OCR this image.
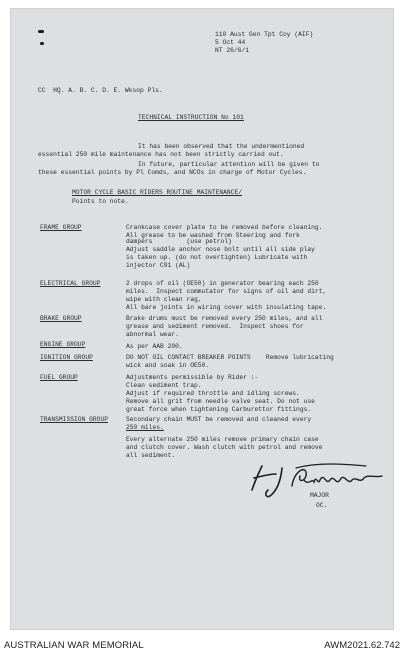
110 Aust Gen Tpt Coy (AIF)
5 Oct 44
NT 26/6/1
CC  HQ. A. B. C. D. E. Wksop Pls.
TECHNICAL INSTRUCTION No 101
It has been observed that the undermentioned
essential 250 mile maintenance has not been strictly carried out.
In future, particular attention will be given to
these essential points by Pl Comds, and NCOs in charge of Motor Cycles.
MOTOR CYCLE BASIC RIDERS ROUTINE MAINTENANCE/
Points to note.
FRAME GROUP	Crankcase cover plate to be removed before cleaning.
All grease to be washed from Steering and fork
dampers         (use petrol)
Adjust saddle anchor nose bolt until all side play
is taken up. (do not overtighten) Lubricate with
injector C91 (AL)
ELECTRICAL GROUP	2 drops of oil (OE50) in generator bearing each 250
miles.  Inspect commutator for signs of oil and dirt,
wipe with clean rag,
All bare joints in wiring cover with insulating tape.
BRAKE GROUP	Brake drums must be removed every 250 miles, and all
grease and sediment removed.  Inspect shoes for
abnormal wear.
ENGINE GROUP	As per AAB 200.
IGNITION GROUP	DO NOT OIL CONTACT BREAKER POINTS    Remove lubricating
wick and soak in OE50.
FUEL GROUP	Adjustments permissible by Rider :-
Clean sediment trap.
Adjust if required throttle and idling screws.
Remove all grit from needle valve seat. Do not use
great force when tightening Carburettor fittings.
TRANSMISSION GROUP	Secondary chain MUST be removed and cleaned every
250 miles.
Every alternate 250 miles remove primary chain case
and clutch cover. Wash clutch with petrol and remove
all sediment.
MAJOR
OC.
AUSTRALIAN WAR MEMORIAL	AWM2021.62.742
